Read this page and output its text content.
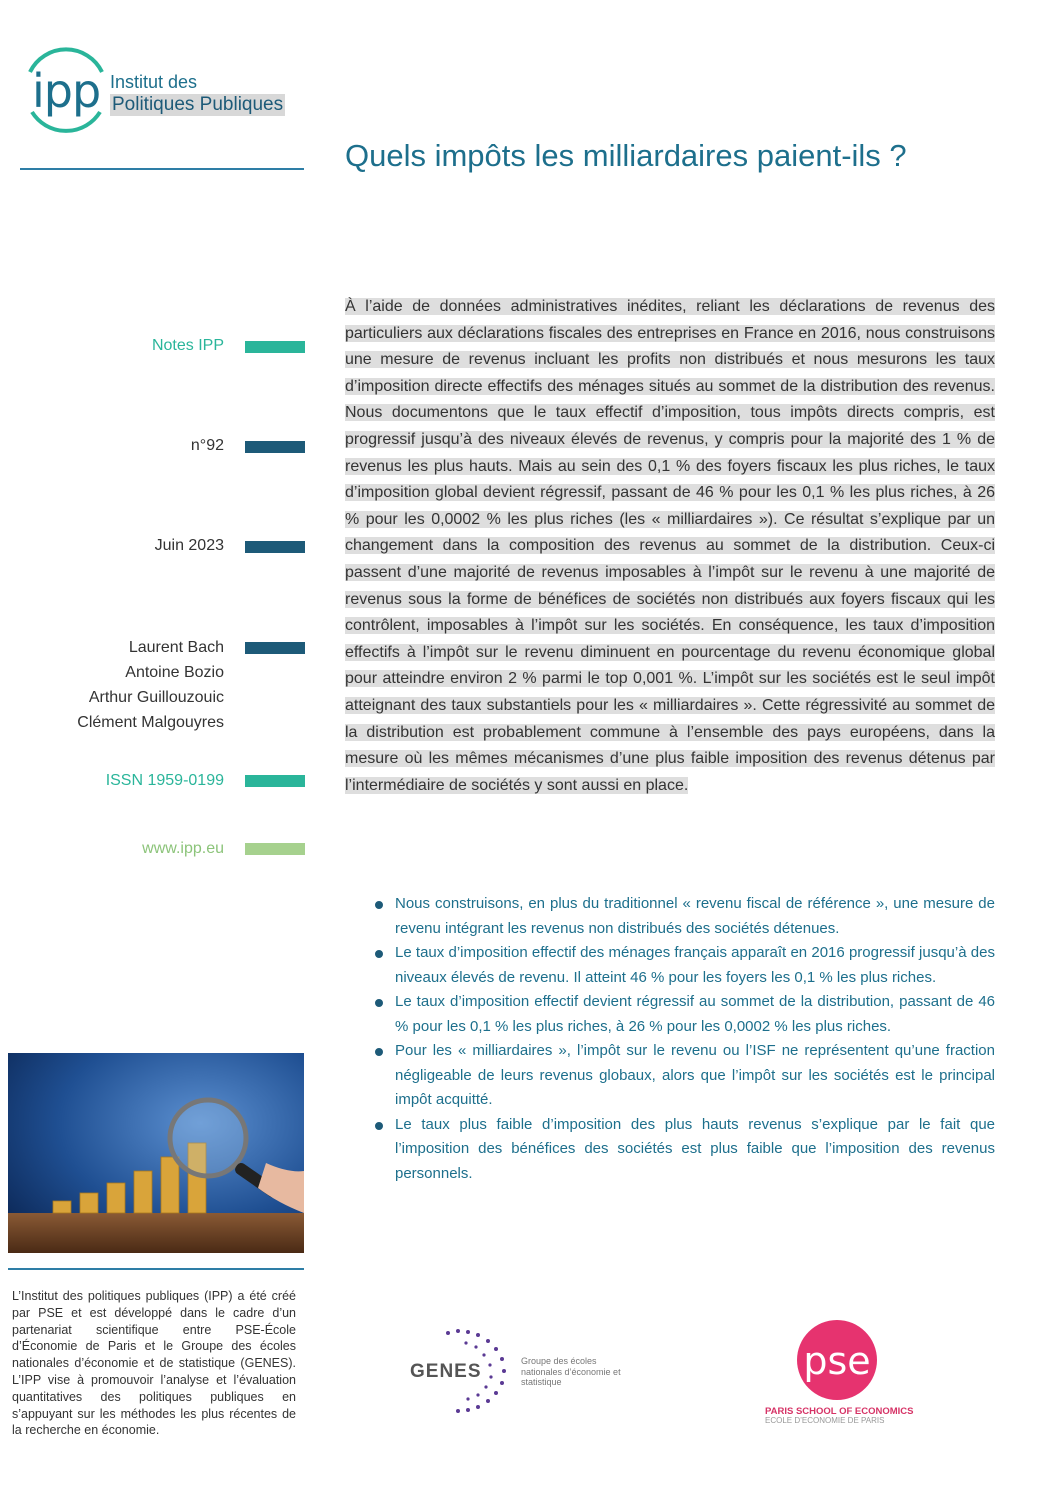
ipp Institut des
Politiques Publiques
Quels impôts les milliardaires paient-ils ?
Notes IPP
n°92
Juin 2023
Laurent Bach
Antoine Bozio
Arthur Guillouzouic
Clément Malgouyres
ISSN 1959-0199
www.ipp.eu
À l’aide de données administratives inédites, reliant les déclarations de revenus des particuliers aux déclarations fiscales des entreprises en France en 2016, nous construisons une mesure de revenus incluant les profits non distribués et nous mesurons les taux d’imposition directe effectifs des ménages situés au sommet de la distribution des revenus. Nous documentons que le taux effectif d’imposition, tous impôts directs compris, est progressif jusqu’à des niveaux élevés de revenus, y compris pour la majorité des 1 % de revenus les plus hauts. Mais au sein des 0,1 % des foyers fiscaux les plus riches, le taux d’imposition global devient régressif, passant de 46 % pour les 0,1 % les plus riches, à 26 % pour les 0,0002 % les plus riches (les « milliardaires »). Ce résultat s’explique par un changement dans la composition des revenus au sommet de la distribution. Ceux-ci passent d’une majorité de revenus imposables à l’impôt sur le revenu à une majorité de revenus sous la forme de bénéfices de sociétés non distribués aux foyers fiscaux qui les contrôlent, imposables à l’impôt sur les sociétés. En conséquence, les taux d’imposition effectifs à l’impôt sur le revenu diminuent en pourcentage du revenu économique global pour atteindre environ 2 % parmi le top 0,001 %. L’impôt sur les sociétés est le seul impôt atteignant des taux substantiels pour les « milliardaires ». Cette régressivité au sommet de la distribution est probablement commune à l’ensemble des pays européens, dans la mesure où les mêmes mécanismes d’une plus faible imposition des revenus détenus par l’intermédiaire de sociétés y sont aussi en place.
Nous construisons, en plus du traditionnel « revenu fiscal de référence », une mesure de revenu intégrant les revenus non distribués des sociétés détenues.
Le taux d’imposition effectif des ménages français apparaît en 2016 progressif jusqu’à des niveaux élevés de revenu. Il atteint 46 % pour les foyers les 0,1 % les plus riches.
Le taux d’imposition effectif devient régressif au sommet de la distribution, passant de 46 % pour les 0,1 % les plus riches, à 26 % pour les 0,0002 % les plus riches.
Pour les « milliardaires », l’impôt sur le revenu ou l’ISF ne représentent qu’une fraction négligeable de leurs revenus globaux, alors que l’impôt sur les sociétés est le principal impôt acquitté.
Le taux plus faible d’imposition des plus hauts revenus s’explique par le fait que l’imposition des bénéfices des sociétés est plus faible que l’imposition des revenus personnels.
L’Institut des politiques publiques (IPP) a été créé par PSE et est développé dans le cadre d’un partenariat scientifique entre PSE-École d’Économie de Paris et le Groupe des écoles nationales d’économie et de statistique (GENES). L’IPP vise à promouvoir l’analyse et l’évaluation quantitatives des politiques publiques en s’appuyant sur les méthodes les plus récentes de la recherche en économie.
GENES	Groupe des écoles nationales d’économie et statistique	pse
PARIS SCHOOL OF ECONOMICS
ECOLE D’ECONOMIE DE PARIS
